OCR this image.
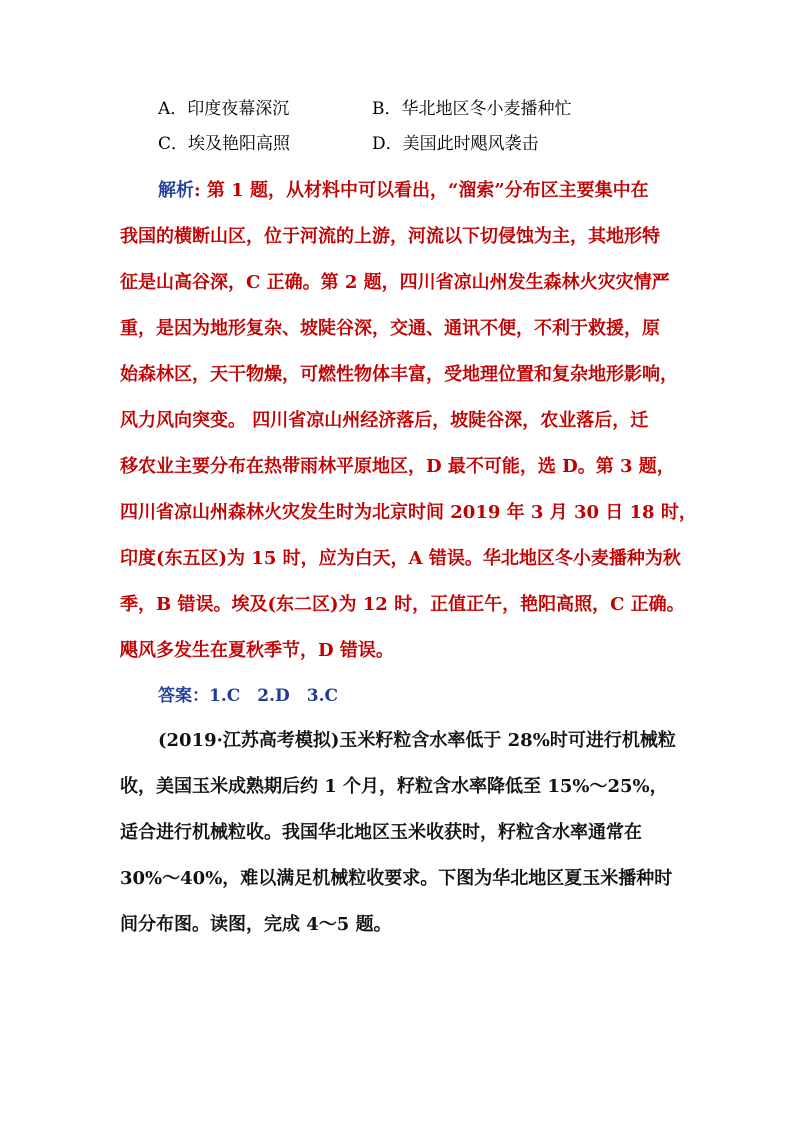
A．印度夜幕深沉	B．华北地区冬小麦播种忙
C．埃及艳阳高照	D．美国此时飓风袭击
解析: 第 1 题，从材料中可以看出，“溜索”分布区主要集中在
我国的横断山区，位于河流的上游，河流以下切侵蚀为主，其地形特
征是山高谷深，C 正确。第 2 题，四川省凉山州发生森林火灾灾情严
重，是因为地形复杂、坡陡谷深，交通、通讯不便，不利于救援，原
始森林区，天干物燥，可燃性物体丰富，受地理位置和复杂地形影响，
风力风向突变。 四川省凉山州经济落后，坡陡谷深，农业落后，迁
移农业主要分布在热带雨林平原地区，D 最不可能，选 D。第 3 题，
四川省凉山州森林火灾发生时为北京时间 2019 年 3 月 30 日 18 时，
印度(东五区)为 15 时，应为白天，A 错误。华北地区冬小麦播种为秋
季，B 错误。埃及(东二区)为 12 时，正值正午，艳阳高照，C 正确。
飓风多发生在夏秋季节，D 错误。
答案：1.C　2.D　3.C
(2019·江苏高考模拟)玉米籽粒含水率低于 28%时可进行机械粒
收，美国玉米成熟期后约 1 个月，籽粒含水率降低至 15%～25%，
适合进行机械粒收。我国华北地区玉米收获时，籽粒含水率通常在
30%～40%，难以满足机械粒收要求。下图为华北地区夏玉米播种时
间分布图。读图，完成 4～5 题。
